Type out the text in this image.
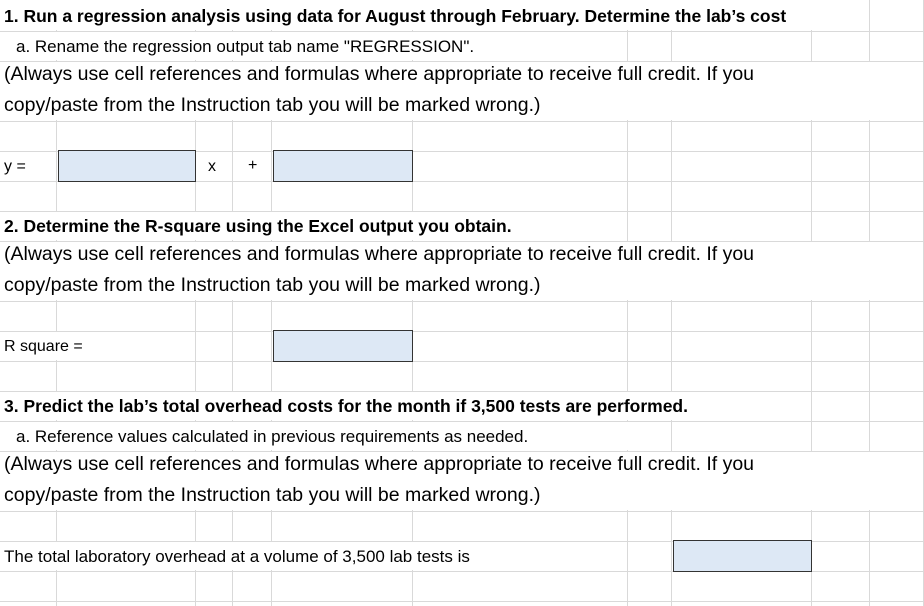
1. Run a regression analysis using data for August through February. Determine the lab’s cost
a. Rename the regression output tab name "REGRESSION".
(Always use cell references and formulas where appropriate to receive full credit. If you
copy/paste from the Instruction tab you will be marked wrong.)
y =	x +
2. Determine the R-square using the Excel output you obtain.
(Always use cell references and formulas where appropriate to receive full credit. If you
copy/paste from the Instruction tab you will be marked wrong.)
R square =
3. Predict the lab’s total overhead costs for the month if 3,500 tests are performed.
a. Reference values calculated in previous requirements as needed.
(Always use cell references and formulas where appropriate to receive full credit. If you
copy/paste from the Instruction tab you will be marked wrong.)
The total laboratory overhead at a volume of 3,500 lab tests is
